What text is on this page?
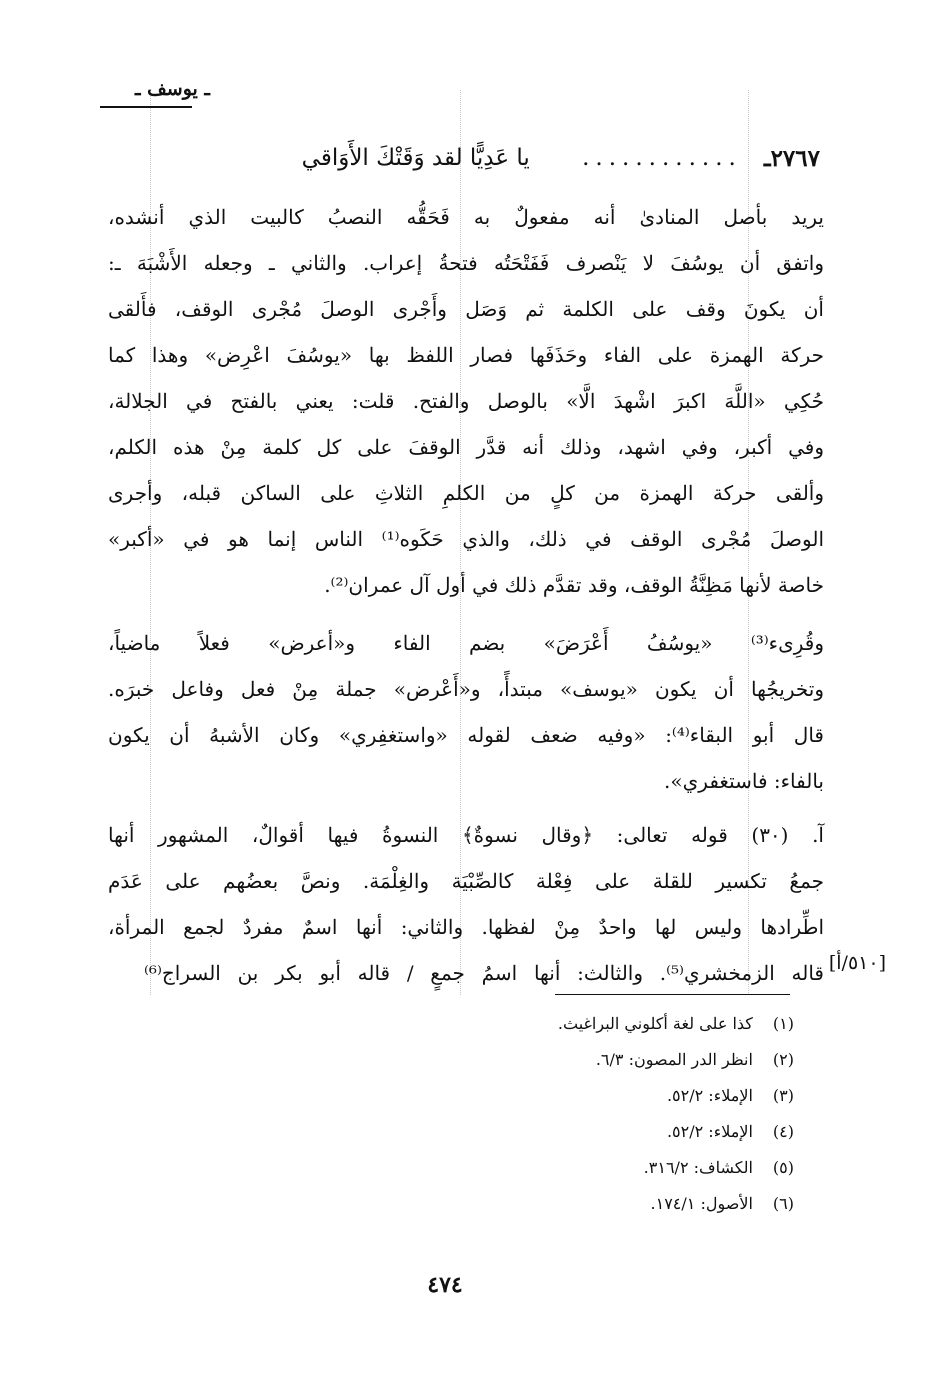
ـ يوسف ـ
٢٧٦٧ـ
............
يا عَدِيًّا لقد وَقَتْكَ الأَوَاقي
يريد بأصل المنادىٰ أنه مفعولٌ به فَحَقُّه النصبُ كالبيت الذي أنشده،
واتفق أن يوسُفَ لا يَنْصرف فَفَتْحَتُه فتحةُ إعراب. والثاني ـ وجعله الأَشْبَهَ ـ:
أن يكونَ وقف على الكلمة ثم وَصَل وأَجْرى الوصلَ مُجْرى الوقف، فأَلقى
حركة الهمزة على الفاء وحَذَفَها فصار اللفظ بها «يوسُفَ اعْرِض» وهذا كما
حُكِي «اللَّهَ اكبرَ اشْهدَ الَّا» بالوصل والفتح. قلت: يعني بالفتح في الجلالة،
وفي أكبر، وفي اشهد، وذلك أنه قدَّر الوقفَ على كل كلمة مِنْ هذه الكلم،
وألقى حركة الهمزة من كلٍ من الكلمِ الثلاثِ على الساكن قبله، وأجرى
الوصلَ مُجْرى الوقف في ذلك، والذي حَكَوه⁽¹⁾ الناس إنما هو في «أكبر»
خاصة لأنها مَظِنَّةُ الوقف، وقد تقدَّم ذلك في أول آل عمران⁽²⁾.
وقُرِىء⁽³⁾ «يوسُفُ أَعْرَضَ» بضم الفاء و«أعرض» فعلاً ماضياً،
وتخريجُها أن يكون «يوسف» مبتدأً، و«أَعْرض» جملة مِنْ فعل وفاعل خبرَه.
قال أبو البقاء⁽⁴⁾: «وفيه ضعف لقوله «واستغفِري» وكان الأشبهُ أن يكون
بالفاء: فاستغفري».
آ. (٣٠) قوله تعالى: ﴿وقال نسوةٌ﴾ النسوةُ فيها أقوالٌ، المشهور أنها
جمعُ تكسير للقلة على فِعْلة كالصِّبْيَة والغِلْمَة. ونصَّ بعضُهم على عَدَم
اطِّرادها وليس لها واحدٌ مِنْ لفظها. والثاني: أنها اسمٌ مفردٌ لجمع المرأة،
قاله الزمخشري⁽⁵⁾. والثالث: أنها اسمُ جمعٍ / قاله أبو بكر بن السراج⁽⁶⁾ [٥١٠/أ]
(١) كذا على لغة أكلوني البراغيث.
(٢) انظر الدر المصون: ٦/٣.
(٣) الإملاء: ٥٢/٢.
(٤) الإملاء: ٥٢/٢.
(٥) الكشاف: ٣١٦/٢.
(٦) الأصول: ١٧٤/١.
٤٧٤
